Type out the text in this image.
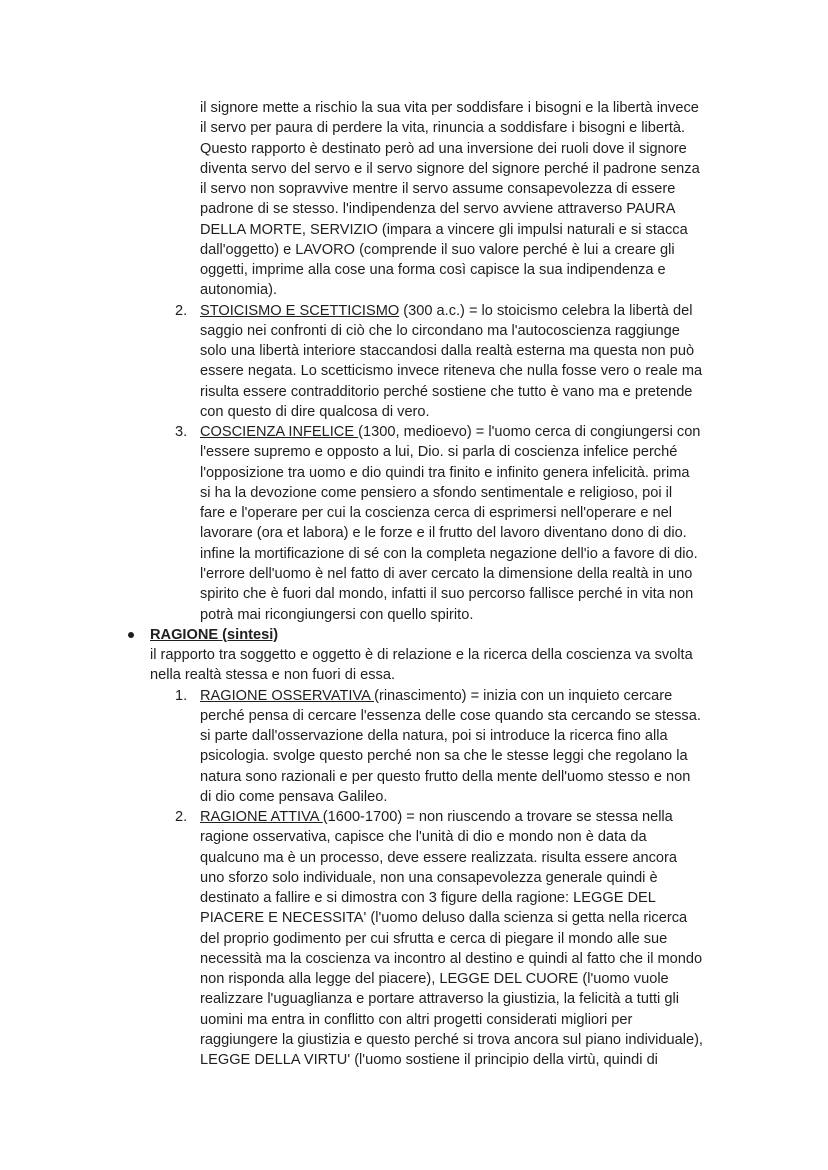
il signore mette a rischio la sua vita per soddisfare i bisogni e la libertà invece
il servo per paura di perdere la vita, rinuncia a soddisfare i bisogni e libertà.
Questo rapporto è destinato però ad una inversione dei ruoli dove il signore
diventa servo del servo e il servo signore del signore perché il padrone senza
il servo non sopravvive mentre il servo assume consapevolezza di essere
padrone di se stesso. l'indipendenza del servo avviene attraverso PAURA
DELLA MORTE, SERVIZIO (impara a vincere gli impulsi naturali e si stacca
dall'oggetto) e LAVORO (comprende il suo valore perché è lui a creare gli
oggetti, imprime alla cose una forma così capisce la sua indipendenza e
autonomia).
2. STOICISMO E SCETTICISMO (300 a.c.) = lo stoicismo celebra la libertà del
saggio nei confronti di ciò che lo circondano ma l'autocoscienza raggiunge
solo una libertà interiore staccandosi dalla realtà esterna ma questa non può
essere negata. Lo scetticismo invece riteneva che nulla fosse vero o reale ma
risulta essere contradditorio perché sostiene che tutto è vano ma e pretende
con questo di dire qualcosa di vero.
3. COSCIENZA INFELICE (1300, medioevo) = l'uomo cerca di congiungersi con
l'essere supremo e opposto a lui, Dio. si parla di coscienza infelice perché
l'opposizione tra uomo e dio quindi tra finito e infinito genera infelicità. prima
si ha la devozione come pensiero a sfondo sentimentale e religioso, poi il
fare e l'operare per cui la coscienza cerca di esprimersi nell'operare e nel
lavorare (ora et labora) e le forze e il frutto del lavoro diventano dono di dio.
infine la mortificazione di sé con la completa negazione dell'io a favore di dio.
l'errore dell'uomo è nel fatto di aver cercato la dimensione della realtà in uno
spirito che è fuori dal mondo, infatti il suo percorso fallisce perché in vita non
potrà mai ricongiungersi con quello spirito.
RAGIONE (sintesi)
il rapporto tra soggetto e oggetto è di relazione e la ricerca della coscienza va svolta
nella realtà stessa e non fuori di essa.
1. RAGIONE OSSERVATIVA (rinascimento) = inizia con un inquieto cercare
perché pensa di cercare l'essenza delle cose quando sta cercando se stessa.
si parte dall'osservazione della natura, poi si introduce la ricerca fino alla
psicologia. svolge questo perché non sa che le stesse leggi che regolano la
natura sono razionali e per questo frutto della mente dell'uomo stesso e non
di dio come pensava Galileo.
2. RAGIONE ATTIVA (1600-1700) = non riuscendo a trovare se stessa nella
ragione osservativa, capisce che l'unità di dio e mondo non è data da
qualcuno ma è un processo, deve essere realizzata. risulta essere ancora
uno sforzo solo individuale, non una consapevolezza generale quindi è
destinato a fallire e si dimostra con 3 figure della ragione: LEGGE DEL
PIACERE E NECESSITA' (l'uomo deluso dalla scienza si getta nella ricerca
del proprio godimento per cui sfrutta e cerca di piegare il mondo alle sue
necessità ma la coscienza va incontro al destino e quindi al fatto che il mondo
non risponda alla legge del piacere), LEGGE DEL CUORE (l'uomo vuole
realizzare l'uguaglianza e portare attraverso la giustizia, la felicità a tutti gli
uomini ma entra in conflitto con altri progetti considerati migliori per
raggiungere la giustizia e questo perché si trova ancora sul piano individuale),
LEGGE DELLA VIRTU' (l'uomo sostiene il principio della virtù, quindi di
